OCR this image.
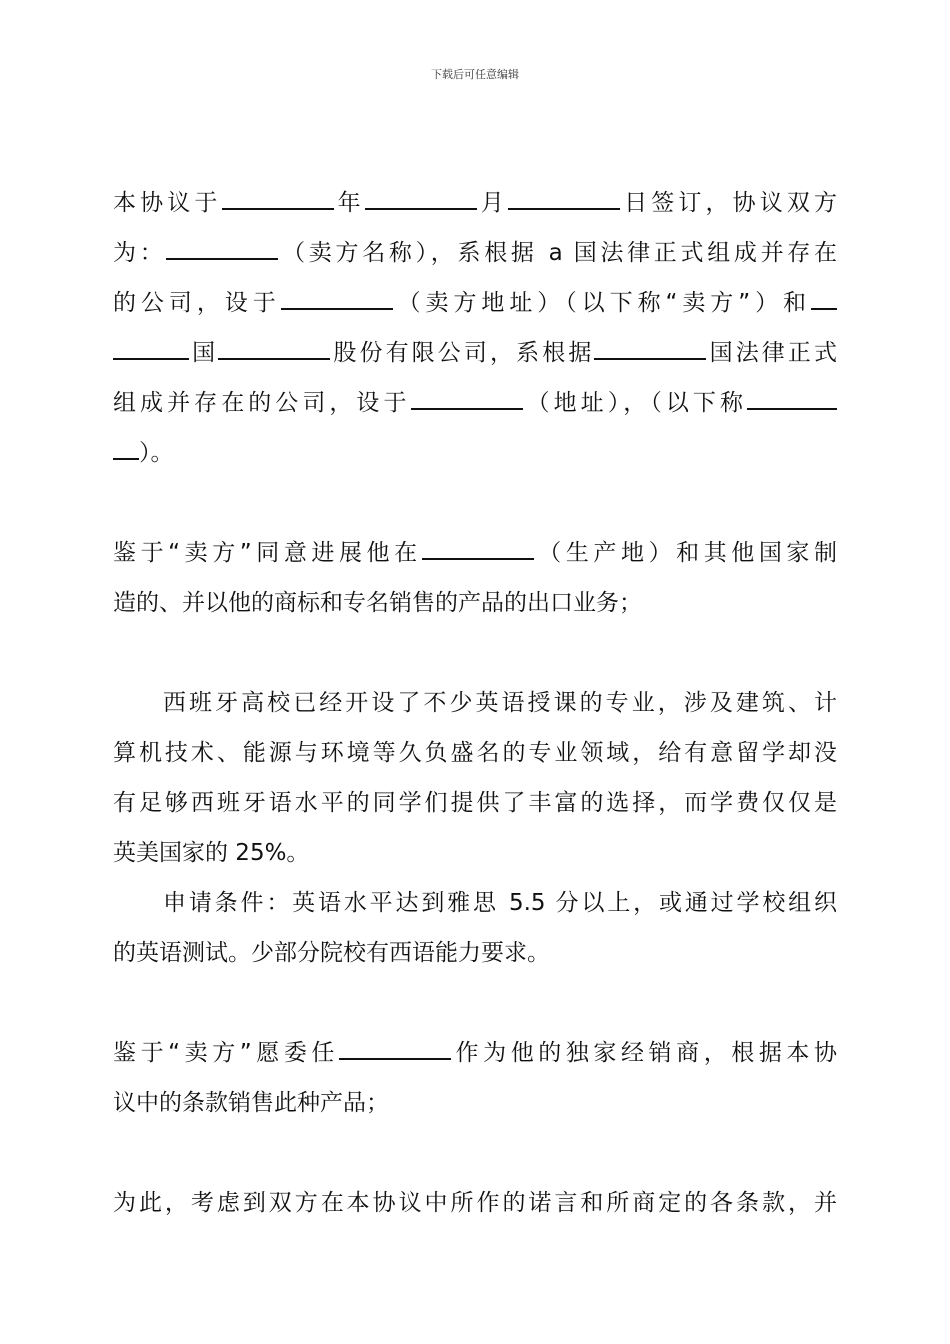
下载后可任意编辑
本协议于	年	月	日签订，协议双方
为：	（卖方名称），系根据 a 国法律正式组成并存在
的公司，设于	（卖方地址）（以下称“卖方”）和
国	股份有限公司，系根据	国法律正式
组成并存在的公司，设于	（地址），（以下称
）。
鉴于“卖方”同意进展他在	（生产地）和其他国家制
造的、并以他的商标和专名销售的产品的出口业务；
西班牙高校已经开设了不少英语授课的专业，涉及建筑、计
算机技术、能源与环境等久负盛名的专业领域，给有意留学却没
有足够西班牙语水平的同学们提供了丰富的选择，而学费仅仅是
英美国家的 25%。
申请条件：英语水平达到雅思 5.5 分以上，或通过学校组织
的英语测试。少部分院校有西语能力要求。
鉴于“卖方”愿委任	作为他的独家经销商，根据本协
议中的条款销售此种产品；
为此，考虑到双方在本协议中所作的诺言和所商定的各条款，并
